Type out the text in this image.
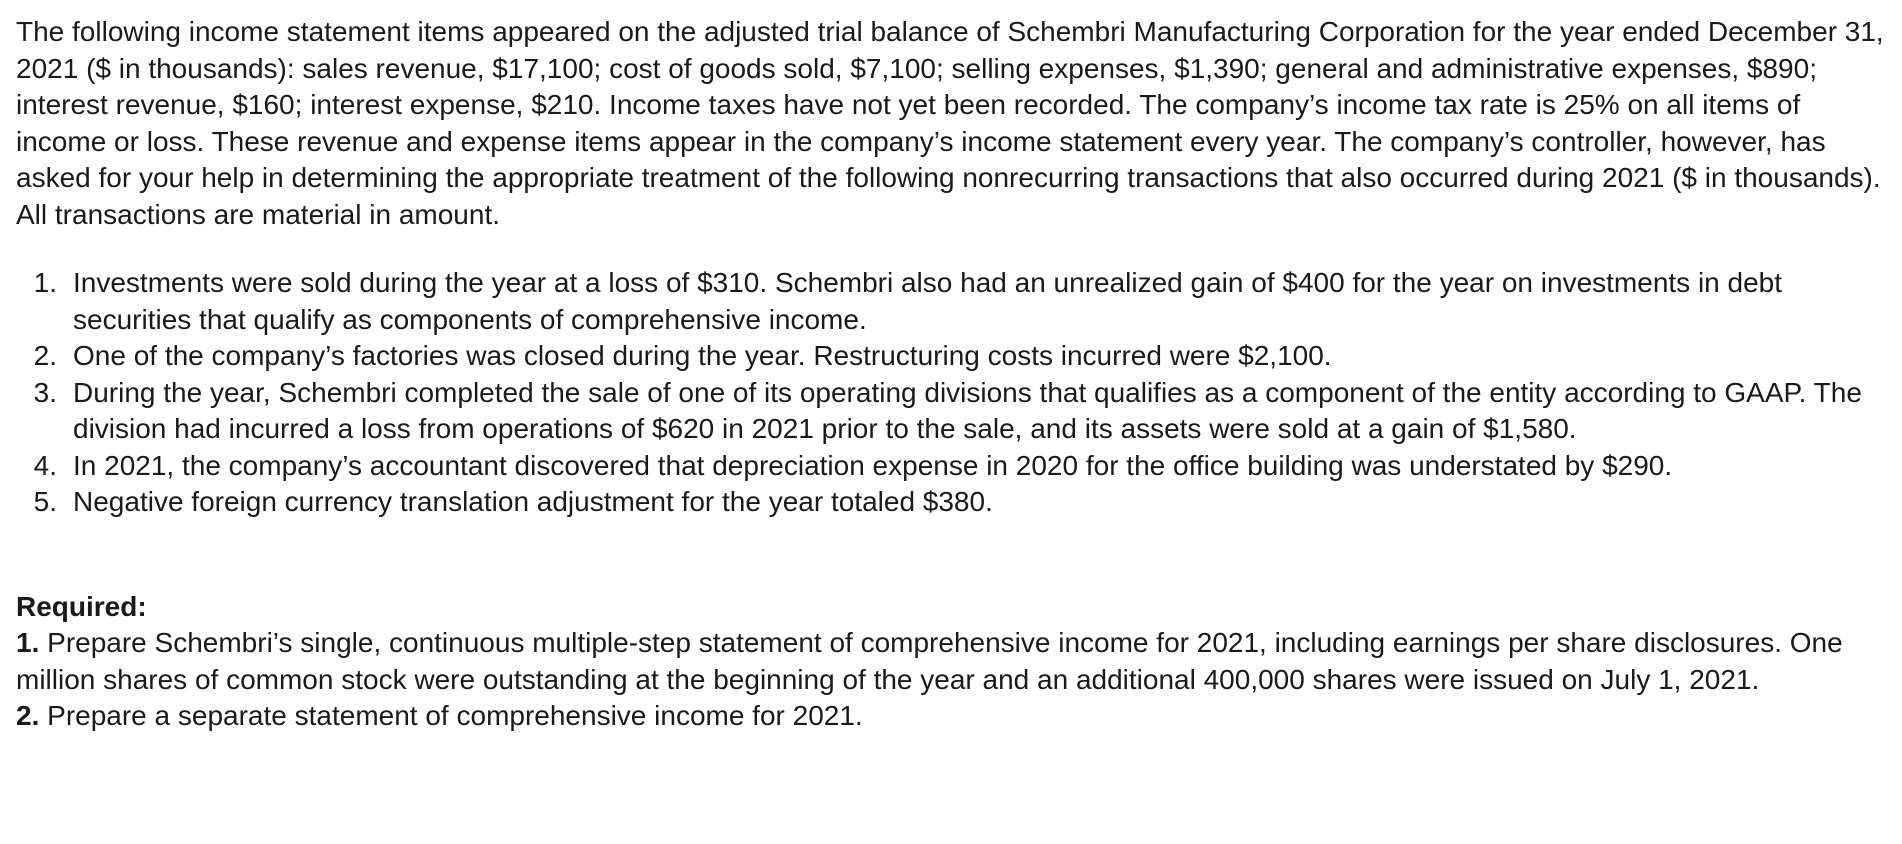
The following income statement items appeared on the adjusted trial balance of Schembri Manufacturing Corporation for the year ended December 31, 2021 ($ in thousands): sales revenue, $17,100; cost of goods sold, $7,100; selling expenses, $1,390; general and administrative expenses, $890; interest revenue, $160; interest expense, $210. Income taxes have not yet been recorded. The company’s income tax rate is 25% on all items of income or loss. These revenue and expense items appear in the company’s income statement every year. The company’s controller, however, has asked for your help in determining the appropriate treatment of the following nonrecurring transactions that also occurred during 2021 ($ in thousands). All transactions are material in amount.

1. Investments were sold during the year at a loss of $310. Schembri also had an unrealized gain of $400 for the year on investments in debt securities that qualify as components of comprehensive income.
2. One of the company’s factories was closed during the year. Restructuring costs incurred were $2,100.
3. During the year, Schembri completed the sale of one of its operating divisions that qualifies as a component of the entity according to GAAP. The division had incurred a loss from operations of $620 in 2021 prior to the sale, and its assets were sold at a gain of $1,580.
4. In 2021, the company’s accountant discovered that depreciation expense in 2020 for the office building was understated by $290.
5. Negative foreign currency translation adjustment for the year totaled $380.
Required:
1. Prepare Schembri’s single, continuous multiple-step statement of comprehensive income for 2021, including earnings per share disclosures. One million shares of common stock were outstanding at the beginning of the year and an additional 400,000 shares were issued on July 1, 2021.
2. Prepare a separate statement of comprehensive income for 2021.
